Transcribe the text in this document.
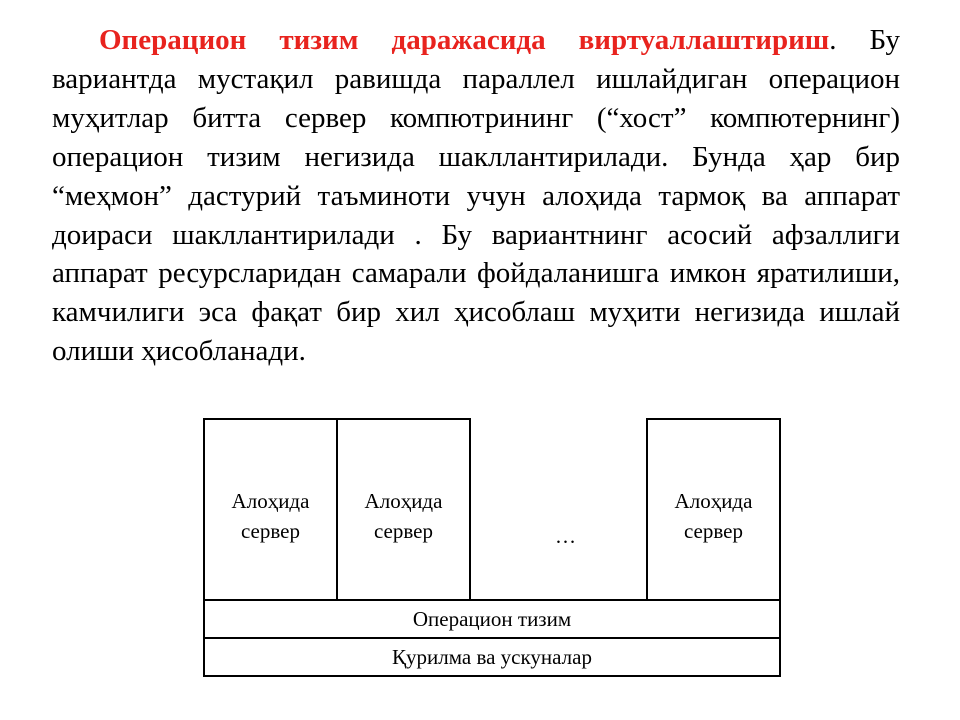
Операцион тизим даражасида виртуаллаштириш. Бу вариантда мустақил равишда параллел ишлайдиган операцион муҳитлар битта сервер компютрининг (“хост” компютернинг) операцион тизим негизида шакллантирилади. Бунда ҳар бир “меҳмон” дастурий таъминоти учун алоҳида тармоқ ва аппарат доираси шакллантирилади . Бу вариантнинг асосий афзаллиги аппарат ресурсларидан самарали фойдаланишга имкон яратилиши, камчилиги эса фақат бир хил ҳисоблаш муҳити негизида ишлай олиши ҳисобланади.

Алоҳида сервер
Алоҳида сервер	…
Алоҳида сервер
Операцион тизим
Қурилма ва ускуналар
